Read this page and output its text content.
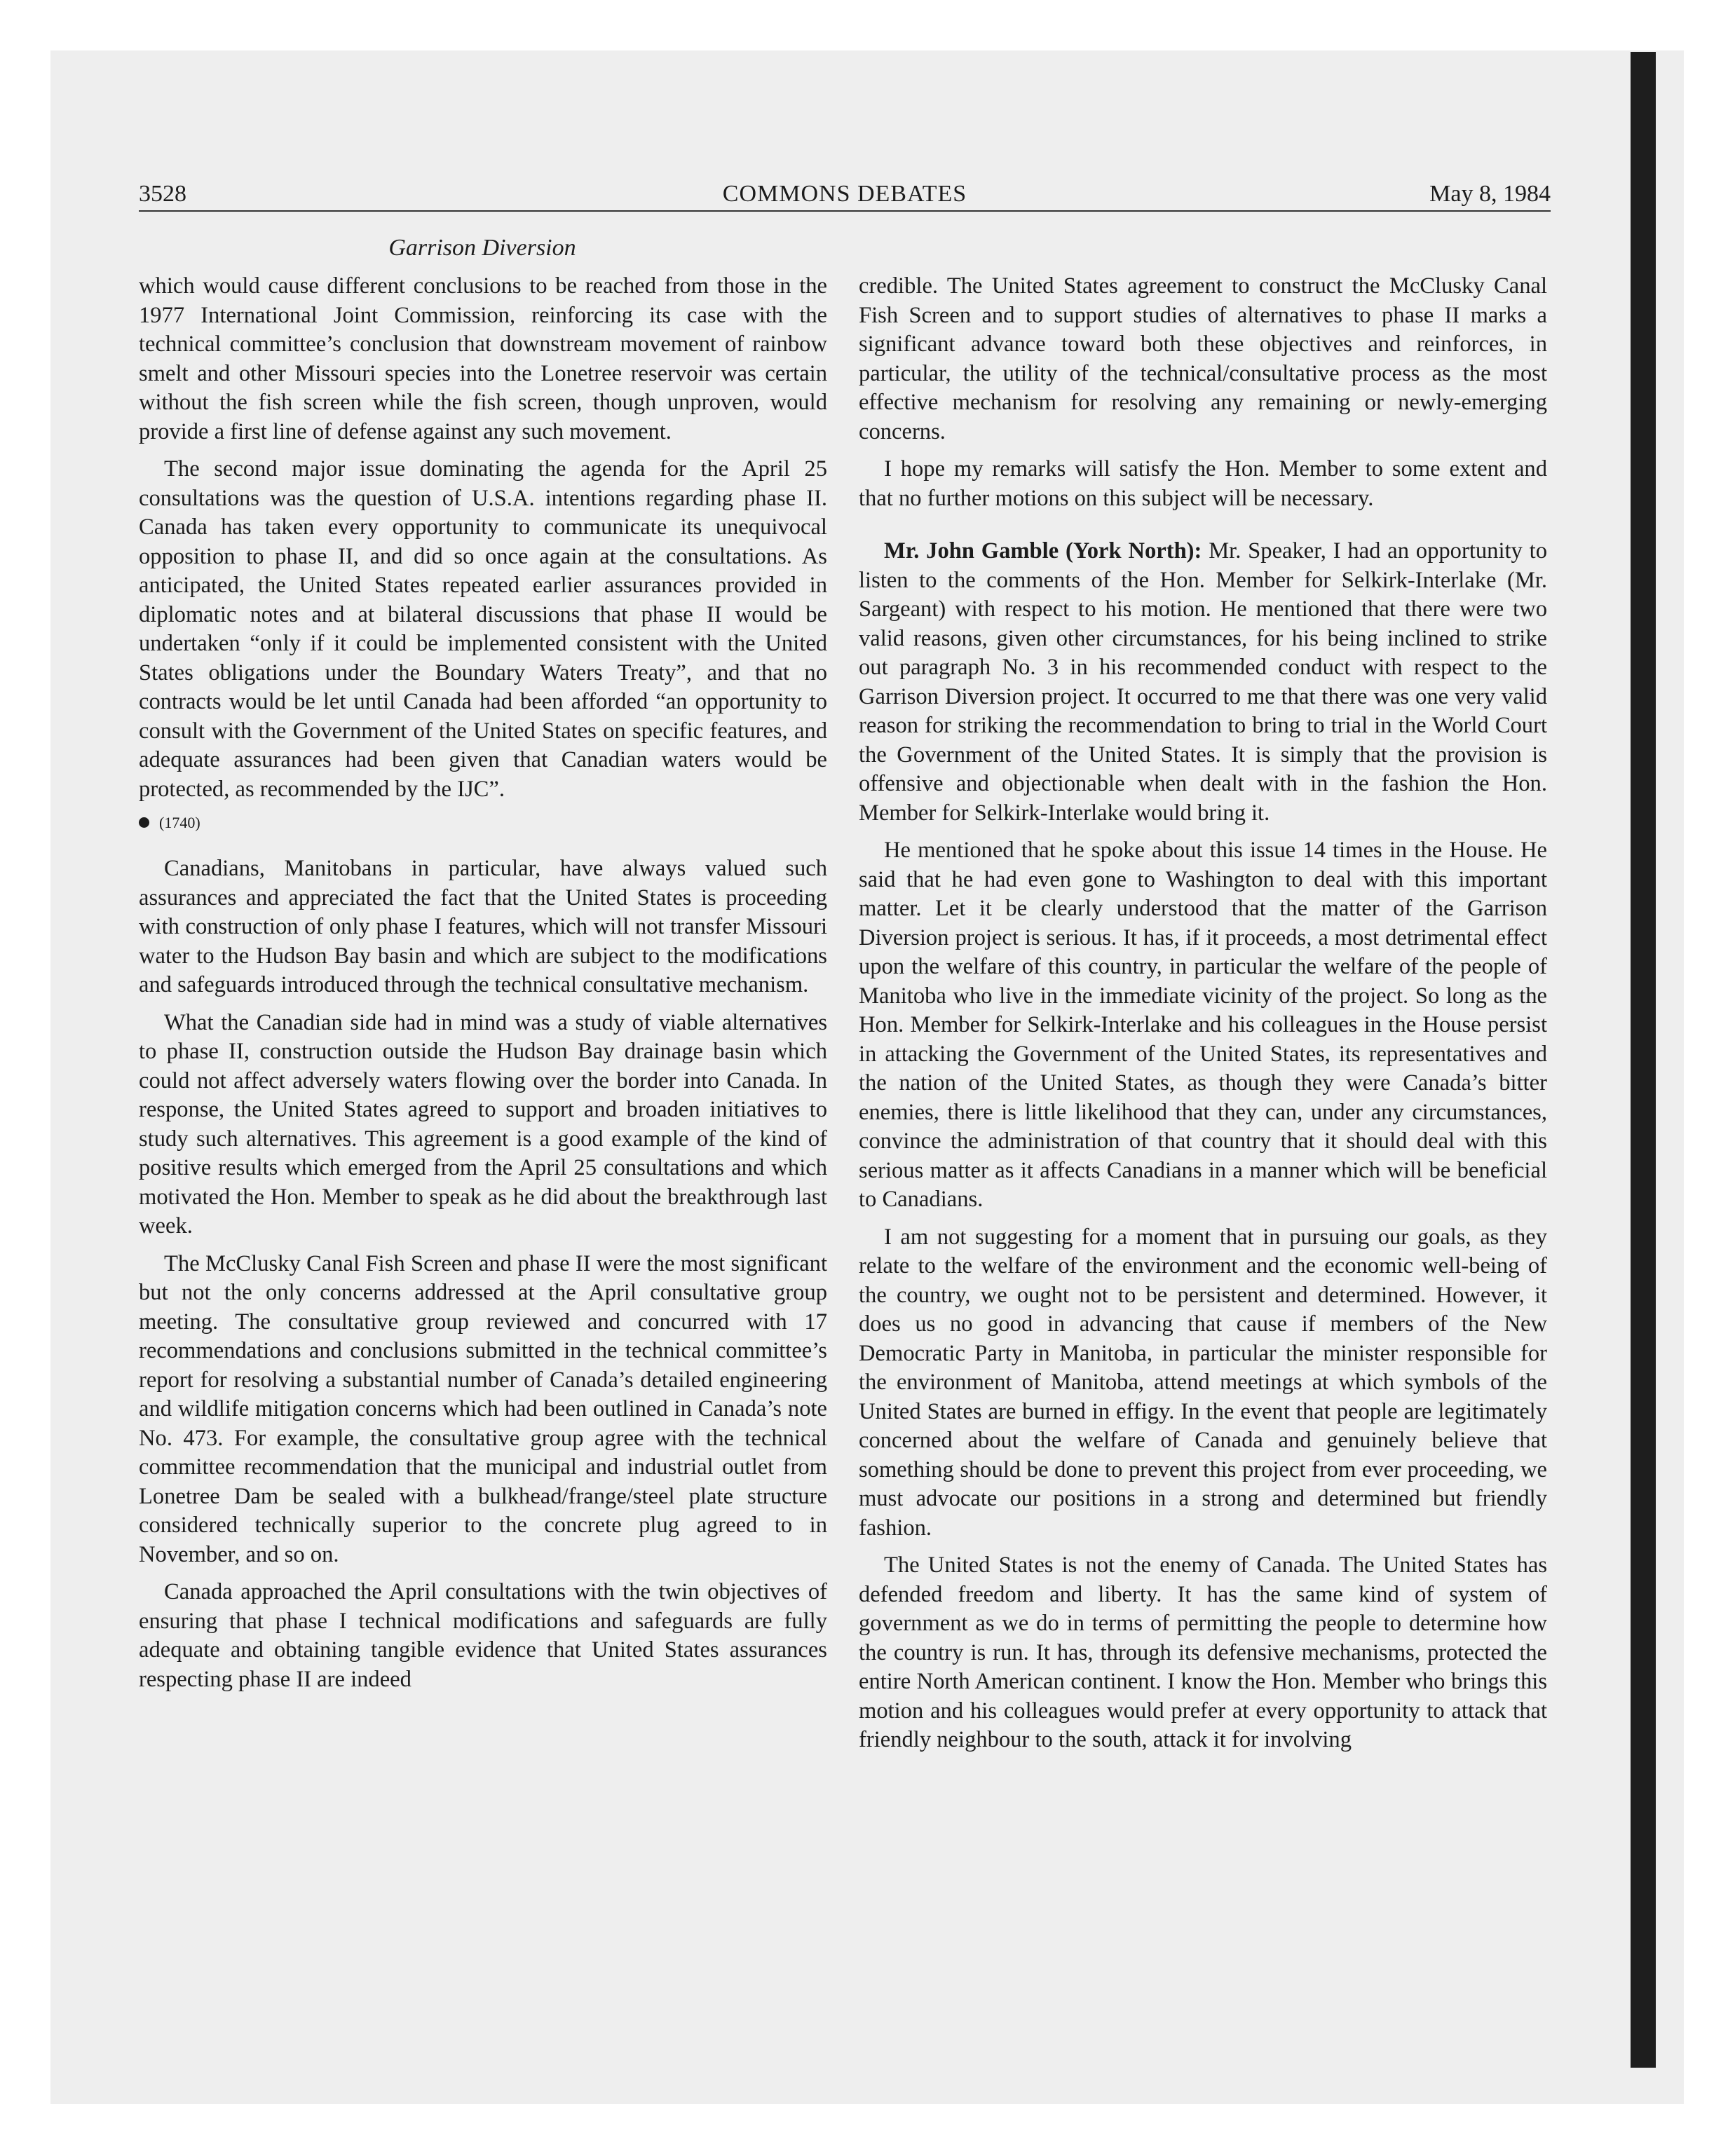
3528	COMMONS DEBATES	May 8, 1984
Garrison Diversion

which would cause different conclusions to be reached from those in the 1977 International Joint Commission, reinforcing its case with the technical committee’s conclusion that downstream movement of rainbow smelt and other Missouri species into the Lonetree reservoir was certain without the fish screen while the fish screen, though unproven, would provide a first line of defense against any such movement.

The second major issue dominating the agenda for the April 25 consultations was the question of U.S.A. intentions regarding phase II. Canada has taken every opportunity to communicate its unequivocal opposition to phase II, and did so once again at the consultations. As anticipated, the United States repeated earlier assurances provided in diplomatic notes and at bilateral discussions that phase II would be undertaken “only if it could be implemented consistent with the United States obligations under the Boundary Waters Treaty”, and that no contracts would be let until Canada had been afforded “an opportunity to consult with the Government of the United States on specific features, and adequate assurances had been given that Canadian waters would be protected, as recommended by the IJC”.

(1740)

Canadians, Manitobans in particular, have always valued such assurances and appreciated the fact that the United States is proceeding with construction of only phase I features, which will not transfer Missouri water to the Hudson Bay basin and which are subject to the modifications and safeguards introduced through the technical consultative mechanism.

What the Canadian side had in mind was a study of viable alternatives to phase II, construction outside the Hudson Bay drainage basin which could not affect adversely waters flowing over the border into Canada. In response, the United States agreed to support and broaden initiatives to study such alternatives. This agreement is a good example of the kind of positive results which emerged from the April 25 consultations and which motivated the Hon. Member to speak as he did about the breakthrough last week.

The McClusky Canal Fish Screen and phase II were the most significant but not the only concerns addressed at the April consultative group meeting. The consultative group reviewed and concurred with 17 recommendations and conclusions submitted in the technical committee’s report for resolving a substantial number of Canada’s detailed engineering and wildlife mitigation concerns which had been outlined in Canada’s note No. 473. For example, the consultative group agree with the technical committee recommendation that the municipal and industrial outlet from Lonetree Dam be sealed with a bulkhead/frange/steel plate structure considered technically superior to the concrete plug agreed to in November, and so on.

Canada approached the April consultations with the twin objectives of ensuring that phase I technical modifications and safeguards are fully adequate and obtaining tangible evidence that United States assurances respecting phase II are indeed

credible. The United States agreement to construct the McClusky Canal Fish Screen and to support studies of alternatives to phase II marks a significant advance toward both these objectives and reinforces, in particular, the utility of the technical/consultative process as the most effective mechanism for resolving any remaining or newly-emerging concerns.

I hope my remarks will satisfy the Hon. Member to some extent and that no further motions on this subject will be necessary.

Mr. John Gamble (York North): Mr. Speaker, I had an opportunity to listen to the comments of the Hon. Member for Selkirk-Interlake (Mr. Sargeant) with respect to his motion. He mentioned that there were two valid reasons, given other circumstances, for his being inclined to strike out paragraph No. 3 in his recommended conduct with respect to the Garrison Diversion project. It occurred to me that there was one very valid reason for striking the recommendation to bring to trial in the World Court the Government of the United States. It is simply that the provision is offensive and objectionable when dealt with in the fashion the Hon. Member for Selkirk-Interlake would bring it.

He mentioned that he spoke about this issue 14 times in the House. He said that he had even gone to Washington to deal with this important matter. Let it be clearly understood that the matter of the Garrison Diversion project is serious. It has, if it proceeds, a most detrimental effect upon the welfare of this country, in particular the welfare of the people of Manitoba who live in the immediate vicinity of the project. So long as the Hon. Member for Selkirk-Interlake and his colleagues in the House persist in attacking the Government of the United States, its representatives and the nation of the United States, as though they were Canada’s bitter enemies, there is little likelihood that they can, under any circumstances, convince the administration of that country that it should deal with this serious matter as it affects Canadians in a manner which will be beneficial to Canadians.

I am not suggesting for a moment that in pursuing our goals, as they relate to the welfare of the environment and the economic well-being of the country, we ought not to be persistent and determined. However, it does us no good in advancing that cause if members of the New Democratic Party in Manitoba, in particular the minister responsible for the environment of Manitoba, attend meetings at which symbols of the United States are burned in effigy. In the event that people are legitimately concerned about the welfare of Canada and genuinely believe that something should be done to prevent this project from ever proceeding, we must advocate our positions in a strong and determined but friendly fashion.

The United States is not the enemy of Canada. The United States has defended freedom and liberty. It has the same kind of system of government as we do in terms of permitting the people to determine how the country is run. It has, through its defensive mechanisms, protected the entire North American continent. I know the Hon. Member who brings this motion and his colleagues would prefer at every opportunity to attack that friendly neighbour to the south, attack it for involving
